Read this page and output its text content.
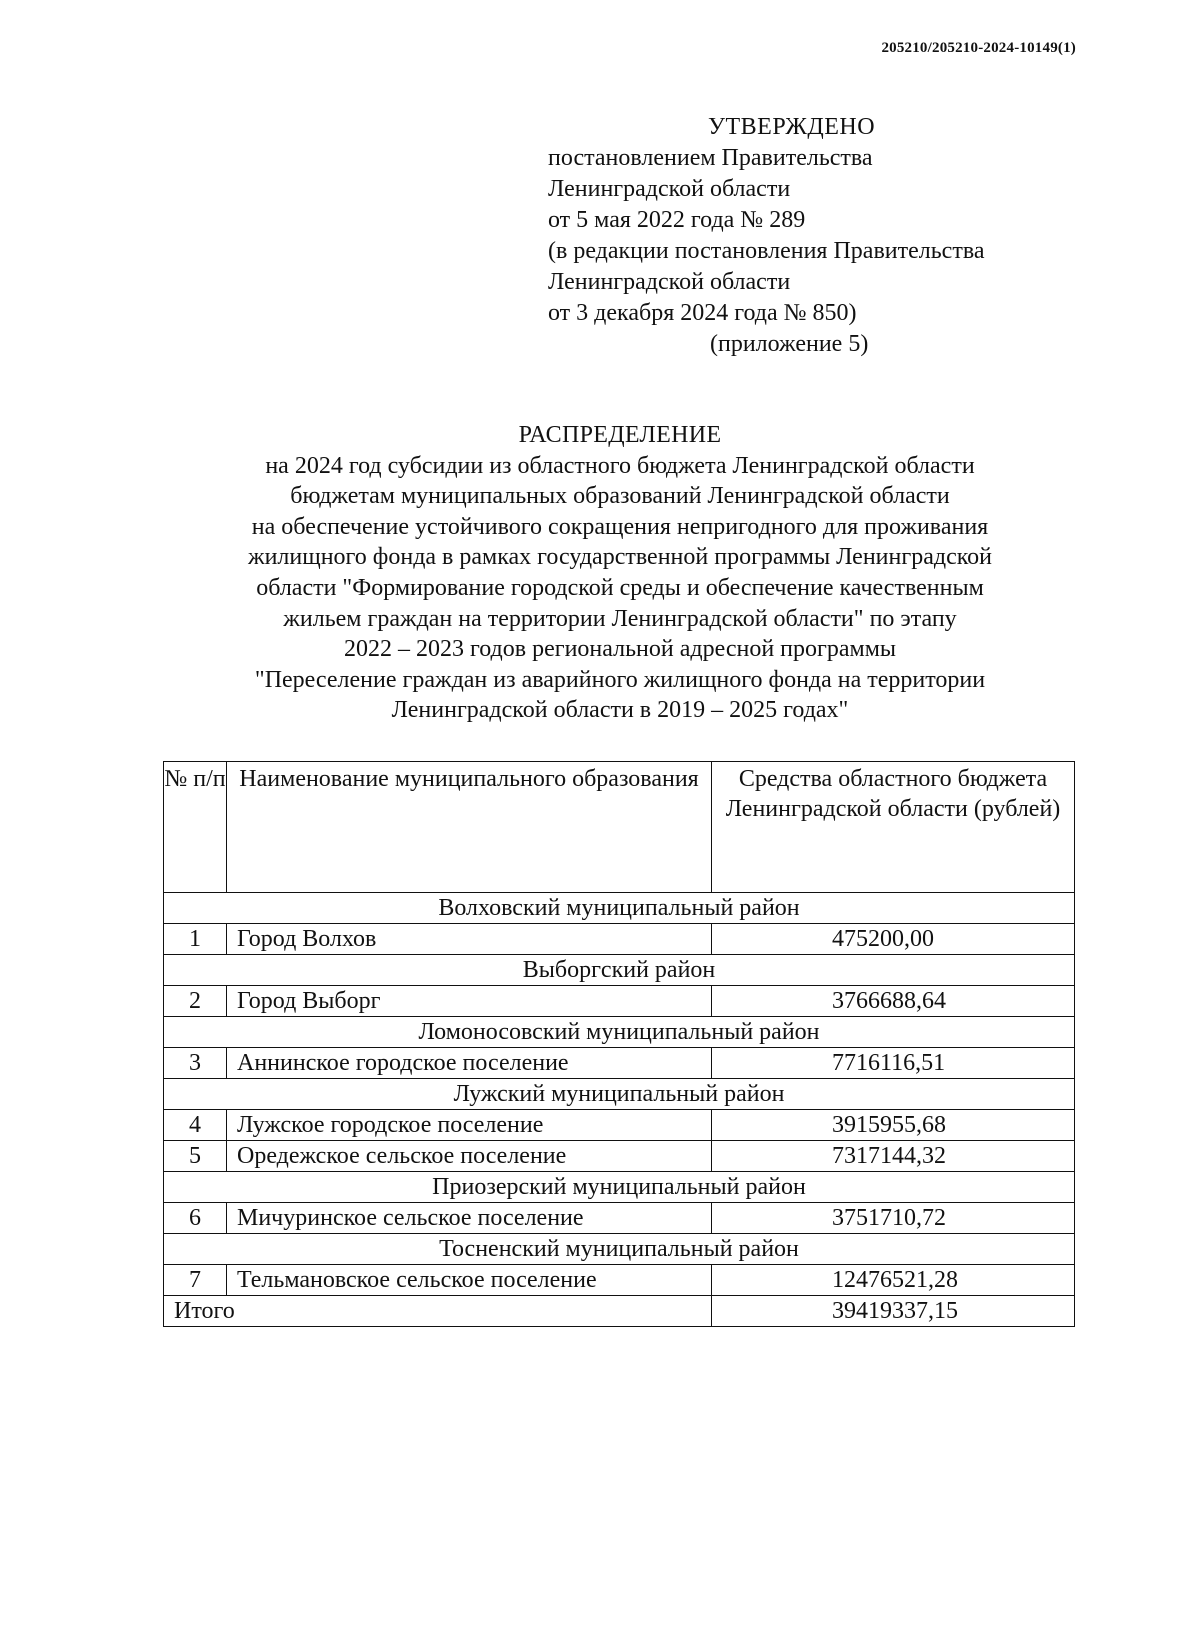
205210/205210-2024-10149(1)
УТВЕРЖДЕНО
постановлением Правительства
Ленинградской области
от 5 мая 2022 года № 289
(в редакции постановления Правительства
Ленинградской области
от 3 декабря 2024 года № 850)
(приложение 5)
РАСПРЕДЕЛЕНИЕ
на 2024 год субсидии из областного бюджета Ленинградской области
бюджетам муниципальных образований Ленинградской области
на обеспечение устойчивого сокращения непригодного для проживания
жилищного фонда в рамках государственной программы Ленинградской
области "Формирование городской среды и обеспечение качественным
жильем граждан на территории Ленинградской области" по этапу
2022 – 2023 годов региональной адресной программы
"Переселение граждан из аварийного жилищного фонда на территории
Ленинградской области в 2019 – 2025 годах"
№ п/п	Наименование муниципального образования	Средства областного бюджета Ленинградской области (рублей)
Волховский муниципальный район		
1	Город Волхов	475200,00
Выборгский район		
2	Город Выборг	3766688,64
Ломоносовский муниципальный район		
3	Аннинское городское поселение	7716116,51
Лужский муниципальный район		
4	Лужское городское поселение	3915955,68
5	Оредежское сельское поселение	7317144,32
Приозерский муниципальный район		
6	Мичуринское сельское поселение	3751710,72
Тосненский муниципальный район		
7	Тельмановское сельское поселение	12476521,28
Итого		39419337,15
